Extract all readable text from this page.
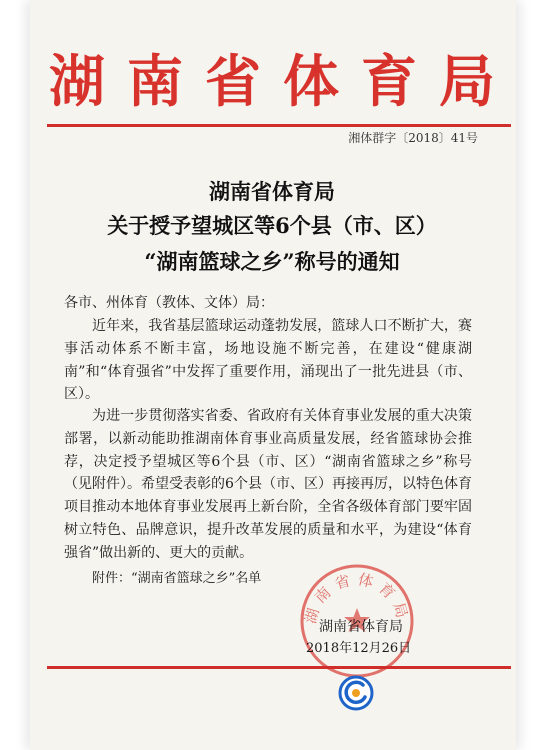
湖南省体育局
湘体群字〔2018〕41号
湖南省体育局
关于授予望城区等6个县（市、区）
“湖南篮球之乡”称号的通知
各市、州体育（教体、文体）局：

近年来，我省基层篮球运动蓬勃发展，篮球人口不断扩大，赛事活动体系不断丰富，场地设施不断完善，在建设“健康湖南”和“体育强省”中发挥了重要作用，涌现出了一批先进县（市、区）。

为进一步贯彻落实省委、省政府有关体育事业发展的重大决策部署，以新动能助推湖南体育事业高质量发展，经省篮球协会推荐，决定授予望城区等6个县（市、区）“湖南省篮球之乡”称号（见附件）。希望受表彰的6个县（市、区）再接再厉，以特色体育项目推动本地体育事业发展再上新台阶，全省各级体育部门要牢固树立特色、品牌意识，提升改革发展的质量和水平，为建设“体育强省”做出新的、更大的贡献。

附件：“湖南省篮球之乡”名单
湖南省体育局
湖南省体育局
2018年12月26日
